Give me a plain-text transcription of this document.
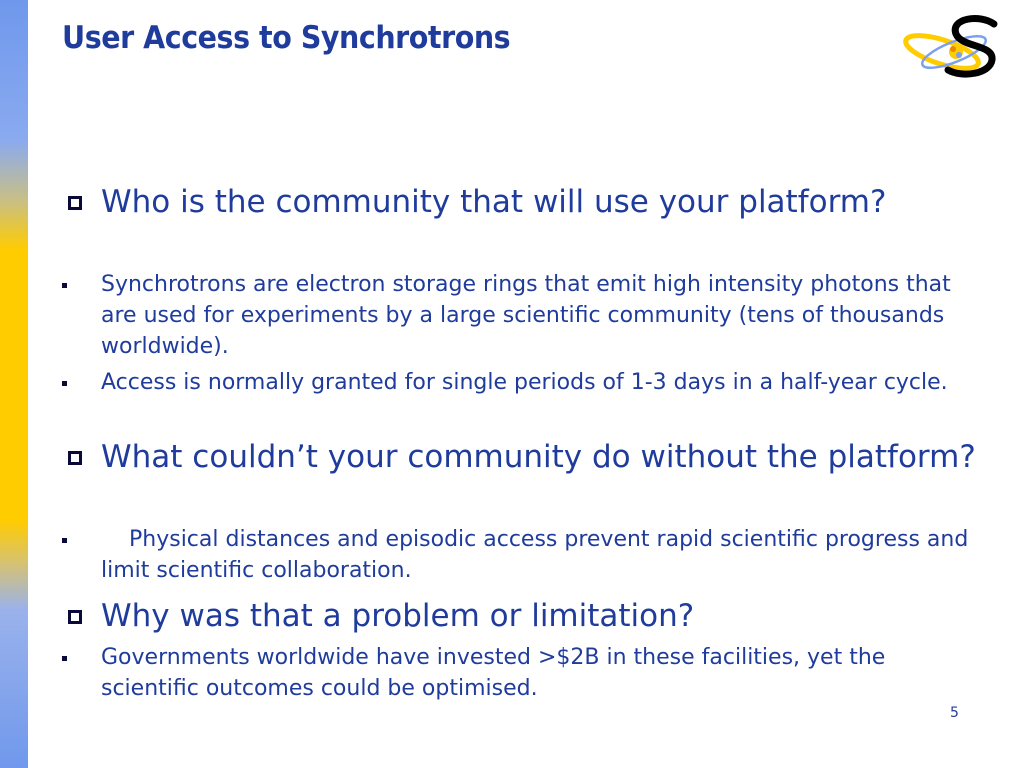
User Access to Synchrotrons
Who is the community that will use your platform?
Synchrotrons are electron storage rings that emit high intensity photons that are used for experiments by a large scientific community (tens of thousands worldwide).
Access is normally granted for single periods of 1-3 days in a half-year cycle.
What couldn’t your community do without the platform?
Physical distances and episodic access prevent rapid scientific progress and limit scientific collaboration.
Why was that a problem or limitation?
Governments worldwide have invested >$2B in these facilities, yet the scientific outcomes could be optimised.
5
